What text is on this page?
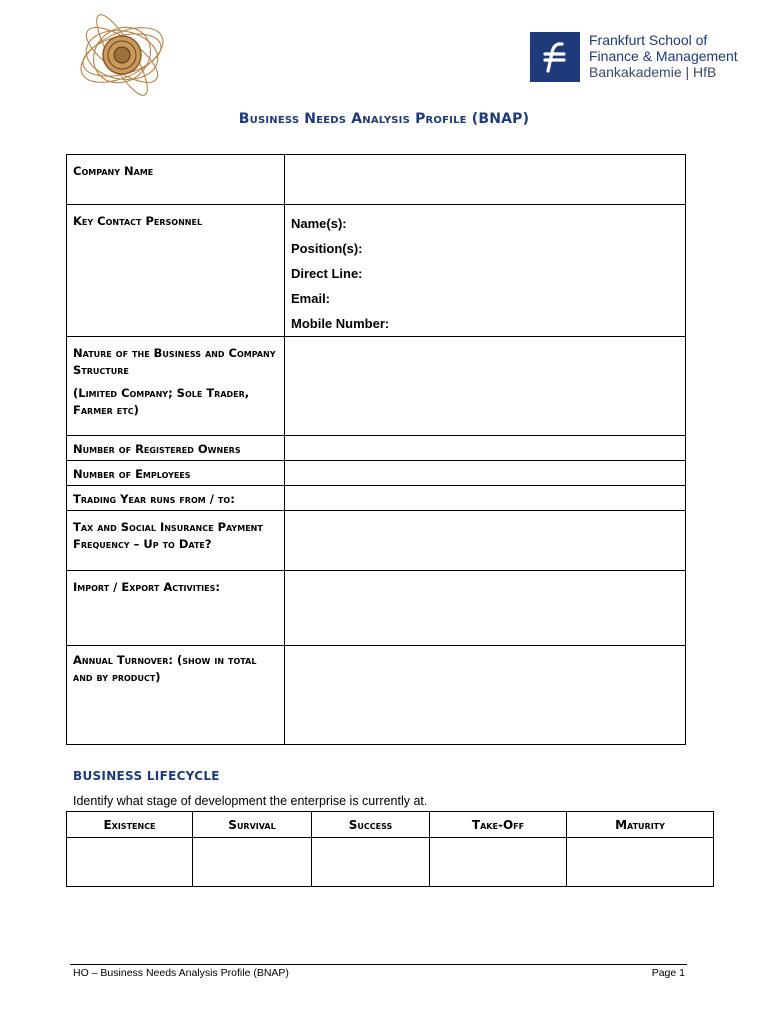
Frankfurt School of
Finance & Management
Bankakademie | HfB
Business Needs Analysis Profile (BNAP)
Company Name	
Key Contact Personnel	Name(s):
Position(s):
Direct Line:
Email:
Mobile Number:

Nature of the Business and Company Structure
(Limited Company; Sole Trader, Farmer etc)	

Number of Registered Owners	
Number of Employees	
Trading Year runs from / to:	
Tax and Social Insurance Payment Frequency – Up to Date?	
Import / Export Activities:	
Annual Turnover: (show in total and by product)	
BUSINESS LIFECYCLE
Identify what stage of development the enterprise is currently at.
Existence	Survival	Success	Take-Off	Maturity

HO – Business Needs Analysis Profile (BNAP)	Page 1
